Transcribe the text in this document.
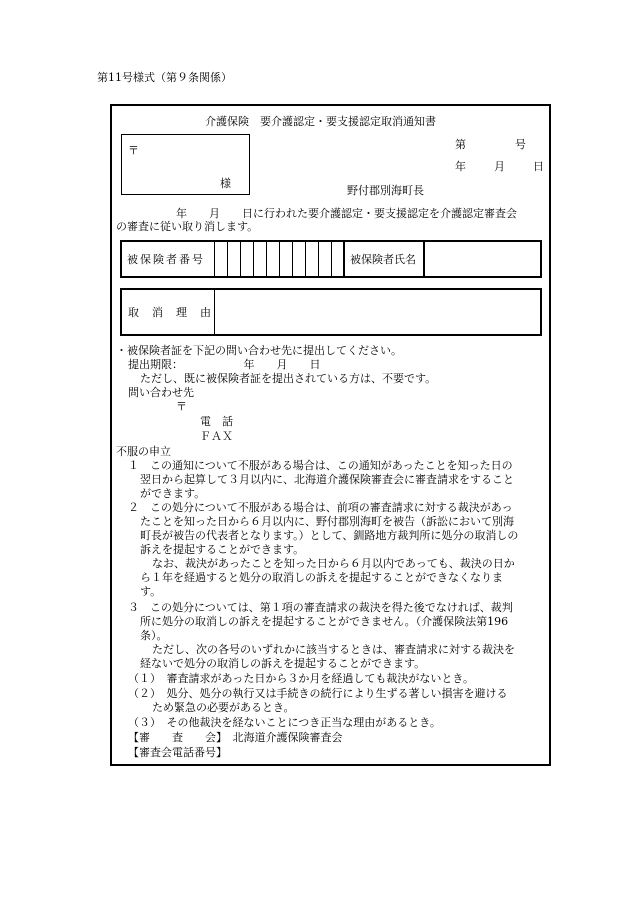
第11号様式（第９条関係）
介護保険　要介護認定・要支援認定取消通知書
第　　　　号
年　　月　　日
〒
様
野付郡別海町長
年　　月　　日に行われた要介護認定・要支援認定を介護認定審査会
の審査に従い取り消します。
被保険者番号	被保険者氏名
取　消　理　由
・被保険者証を下記の問い合わせ先に提出してください。
提出期限：　　　　　　年　　月　　日
ただし、既に被保険者証を提出されている方は、不要です。
問い合わせ先
〒
電　話
ＦＡＸ
不服の申立
１　この通知について不服がある場合は、この通知があったことを知った日の
翌日から起算して３月以内に、北海道介護保険審査会に審査請求をすること
ができます。
２　この処分について不服がある場合は、前項の審査請求に対する裁決があっ
たことを知った日から６月以内に、野付郡別海町を被告（訴訟において別海
町長が被告の代表者となります。）として、釧路地方裁判所に処分の取消しの
訴えを提起することができます。
なお、裁決があったことを知った日から６月以内であっても、裁決の日か
ら１年を経過すると処分の取消しの訴えを提起することができなくなりま
す。
３　この処分については、第１項の審査請求の裁決を得た後でなければ、裁判
所に処分の取消しの訴えを提起することができません。（介護保険法第196
条）。
ただし、次の各号のいずれかに該当するときは、審査請求に対する裁決を
経ないで処分の取消しの訴えを提起することができます。
（１）　審査請求があった日から３か月を経過しても裁決がないとき。
（２）　処分、処分の執行又は手続きの続行により生ずる著しい損害を避ける
ため緊急の必要があるとき。
（３）　その他裁決を経ないことにつき正当な理由があるとき。
【審　　査　　会】　北海道介護保険審査会
【審査会電話番号】
